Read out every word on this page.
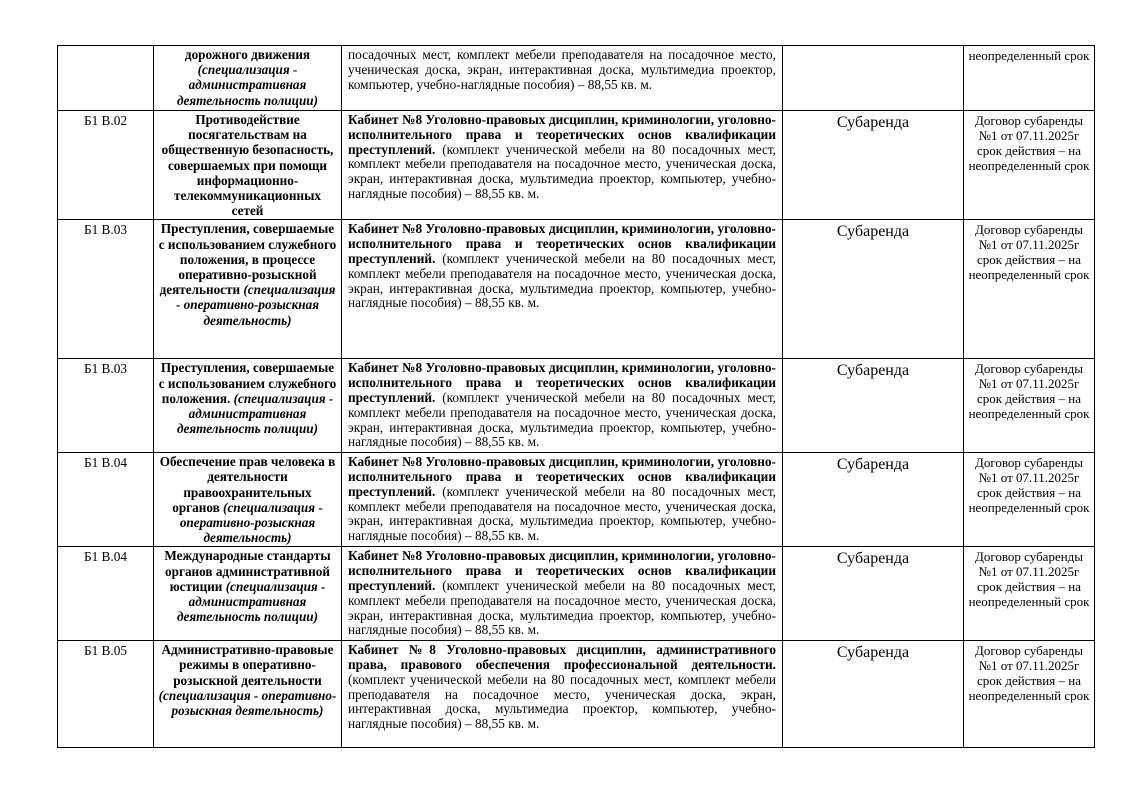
	дорожного движения (специализация - административная деятельность полиции)	посадочных мест, комплект мебели преподавателя на посадочное место, ученическая доска, экран, интерактивная доска, мультимедиа проектор, компьютер, учебно-наглядные пособия) – 88,55 кв. м.		неопределенный срок
Б1 В.02	Противодействие посягательствам на общественную безопасность, совершаемых при помощи информационно-телекоммуникационных сетей	Кабинет №8 Уголовно-правовых дисциплин, криминологии, уголовно-исполнительного права и теоретических основ квалификации преступлений. (комплект ученической мебели на 80 посадочных мест, комплект мебели преподавателя на посадочное место, ученическая доска, экран, интерактивная доска, мультимедиа проектор, компьютер, учебно-наглядные пособия) – 88,55 кв. м.	Субаренда	Договор субаренды №1 от 07.11.2025г срок действия – на неопределенный срок
Б1 В.03	Преступления, совершаемые с использованием служебного положения, в процессе оперативно-розыскной деятельности (специализация - оперативно-розыскная деятельность)	Кабинет №8 Уголовно-правовых дисциплин, криминологии, уголовно-исполнительного права и теоретических основ квалификации преступлений. (комплект ученической мебели на 80 посадочных мест, комплект мебели преподавателя на посадочное место, ученическая доска, экран, интерактивная доска, мультимедиа проектор, компьютер, учебно-наглядные пособия) – 88,55 кв. м.	Субаренда	Договор субаренды №1 от 07.11.2025г срок действия – на неопределенный срок
Б1 В.03	Преступления, совершаемые с использованием служебного положения. (специализация - административная деятельность полиции)	Кабинет №8 Уголовно-правовых дисциплин, криминологии, уголовно-исполнительного права и теоретических основ квалификации преступлений. (комплект ученической мебели на 80 посадочных мест, комплект мебели преподавателя на посадочное место, ученическая доска, экран, интерактивная доска, мультимедиа проектор, компьютер, учебно-наглядные пособия) – 88,55 кв. м.	Субаренда	Договор субаренды №1 от 07.11.2025г срок действия – на неопределенный срок
Б1 В.04	Обеспечение прав человека в деятельности правоохранительных органов (специализация - оперативно-розыскная деятельность)	Кабинет №8 Уголовно-правовых дисциплин, криминологии, уголовно-исполнительного права и теоретических основ квалификации преступлений. (комплект ученической мебели на 80 посадочных мест, комплект мебели преподавателя на посадочное место, ученическая доска, экран, интерактивная доска, мультимедиа проектор, компьютер, учебно-наглядные пособия) – 88,55 кв. м.	Субаренда	Договор субаренды №1 от 07.11.2025г срок действия – на неопределенный срок
Б1 В.04	Международные стандарты органов административной юстиции (специализация - административная деятельность полиции)	Кабинет №8 Уголовно-правовых дисциплин, криминологии, уголовно-исполнительного права и теоретических основ квалификации преступлений. (комплект ученической мебели на 80 посадочных мест, комплект мебели преподавателя на посадочное место, ученическая доска, экран, интерактивная доска, мультимедиа проектор, компьютер, учебно-наглядные пособия) – 88,55 кв. м.	Субаренда	Договор субаренды №1 от 07.11.2025г срок действия – на неопределенный срок
Б1 В.05	Административно-правовые режимы в оперативно-розыскной деятельности (специализация - оперативно-розыскная деятельность)	Кабинет №8 Уголовно-правовых дисциплин, административного права, правового обеспечения профессиональной деятельности. (комплект ученической мебели на 80 посадочных мест, комплект мебели преподавателя на посадочное место, ученическая доска, экран, интерактивная доска, мультимедиа проектор, компьютер, учебно-наглядные пособия) – 88,55 кв. м.	Субаренда	Договор субаренды №1 от 07.11.2025г срок действия – на неопределенный срок
